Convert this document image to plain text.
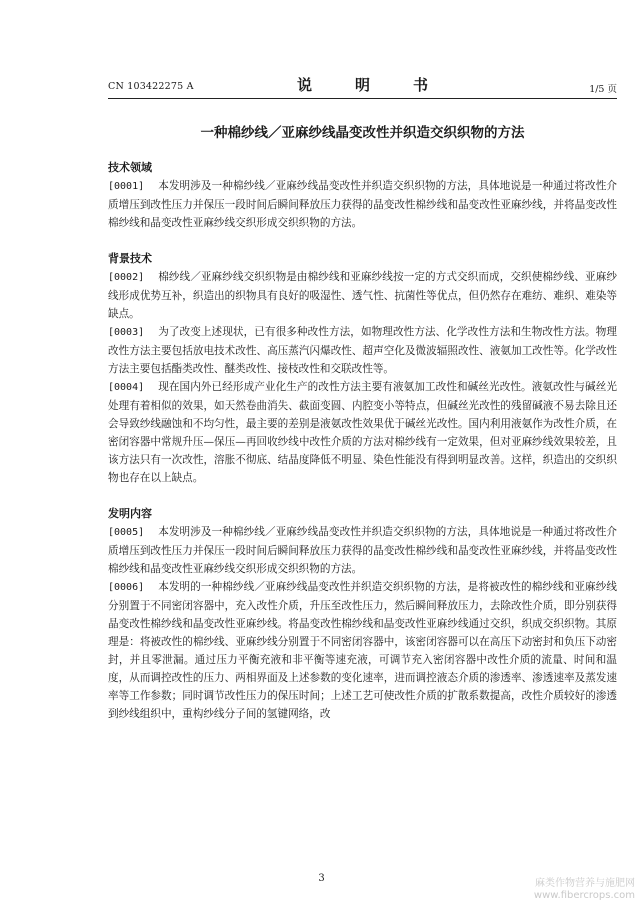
CN 103422275 A	说　明　书	1/5 页
一种棉纱线／亚麻纱线晶变改性并织造交织织物的方法
技术领域
[0001] 本发明涉及一种棉纱线／亚麻纱线晶变改性并织造交织织物的方法，具体地说是一种通过将改性介质增压到改性压力并保压一段时间后瞬间释放压力获得的晶变改性棉纱线和晶变改性亚麻纱线，并将晶变改性棉纱线和晶变改性亚麻纱线交织形成交织织物的方法。
背景技术
[0002] 棉纱线／亚麻纱线交织织物是由棉纱线和亚麻纱线按一定的方式交织而成，交织使棉纱线、亚麻纱线形成优势互补，织造出的织物具有良好的吸湿性、透气性、抗菌性等优点，但仍然存在难纺、难织、难染等缺点。
[0003] 为了改变上述现状，已有很多种改性方法，如物理改性方法、化学改性方法和生物改性方法。物理改性方法主要包括放电技术改性、高压蒸汽闪爆改性、超声空化及微波辐照改性、液氨加工改性等。化学改性方法主要包括酯类改性、醚类改性、接枝改性和交联改性等。
[0004] 现在国内外已经形成产业化生产的改性方法主要有液氨加工改性和碱丝光改性。液氨改性与碱丝光处理有着相似的效果，如天然卷曲消失、截面变圆、内腔变小等特点，但碱丝光改性的残留碱液不易去除且还会导致纱线融蚀和不均匀性，最主要的差别是液氨改性效果优于碱丝光改性。国内利用液氨作为改性介质，在密闭容器中常规升压—保压—再回收纱线中改性介质的方法对棉纱线有一定效果，但对亚麻纱线效果较差，且该方法只有一次改性，溶胀不彻底、结晶度降低不明显、染色性能没有得到明显改善。这样，织造出的交织织物也存在以上缺点。
发明内容
[0005] 本发明涉及一种棉纱线／亚麻纱线晶变改性并织造交织织物的方法，具体地说是一种通过将改性介质增压到改性压力并保压一段时间后瞬间释放压力获得的晶变改性棉纱线和晶变改性亚麻纱线，并将晶变改性棉纱线和晶变改性亚麻纱线交织形成交织织物的方法。
[0006] 本发明的一种棉纱线／亚麻纱线晶变改性并织造交织织物的方法，是将被改性的棉纱线和亚麻纱线分别置于不同密闭容器中，充入改性介质，升压至改性压力，然后瞬间释放压力，去除改性介质，即分别获得晶变改性棉纱线和晶变改性亚麻纱线。将晶变改性棉纱线和晶变改性亚麻纱线通过交织，织成交织织物。其原理是：将被改性的棉纱线、亚麻纱线分别置于不同密闭容器中，该密闭容器可以在高压下动密封和负压下动密封，并且零泄漏。通过压力平衡充液和非平衡等速充液，可调节充入密闭容器中改性介质的流量、时间和温度，从而调控改性的压力、两相界面及上述参数的变化速率，进而调控液态介质的渗透率、渗透速率及蒸发速率等工作参数；同时调节改性压力的保压时间；上述工艺可使改性介质的扩散系数提高，改性介质较好的渗透到纱线组织中，重构纱线分子间的氢键网络，改
3	麻类作物营养与施肥网
www.fibercrops.com
